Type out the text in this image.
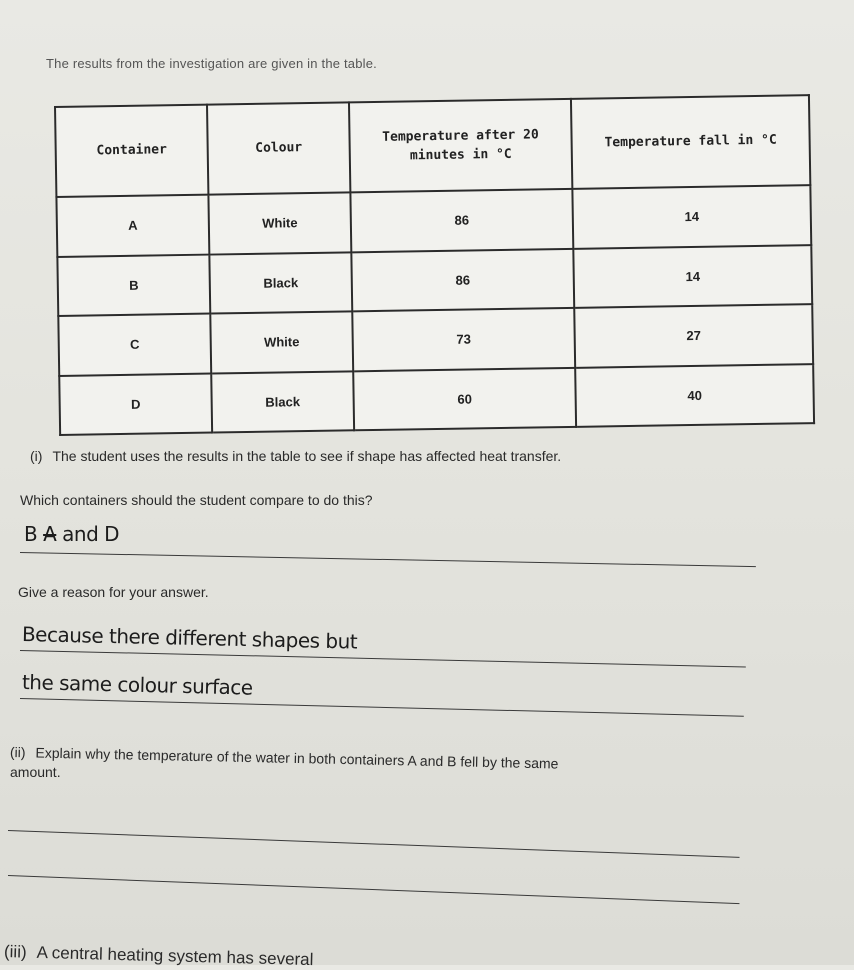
The results from the investigation are given in the table.
Container	Colour	Temperature after 20 minutes in °C	Temperature fall in °C
A	White	86	14
B	Black	86	14
C	White	73	27
D	Black	60	40
(i) The student uses the results in the table to see if shape has affected heat transfer.
Which containers should the student compare to do this?
B A and D
Give a reason for your answer.
Because there different shapes but
the same colour surface
(ii) Explain why the temperature of the water in both containers A and B fell by the same
amount.
(iii) A central heating system has several
